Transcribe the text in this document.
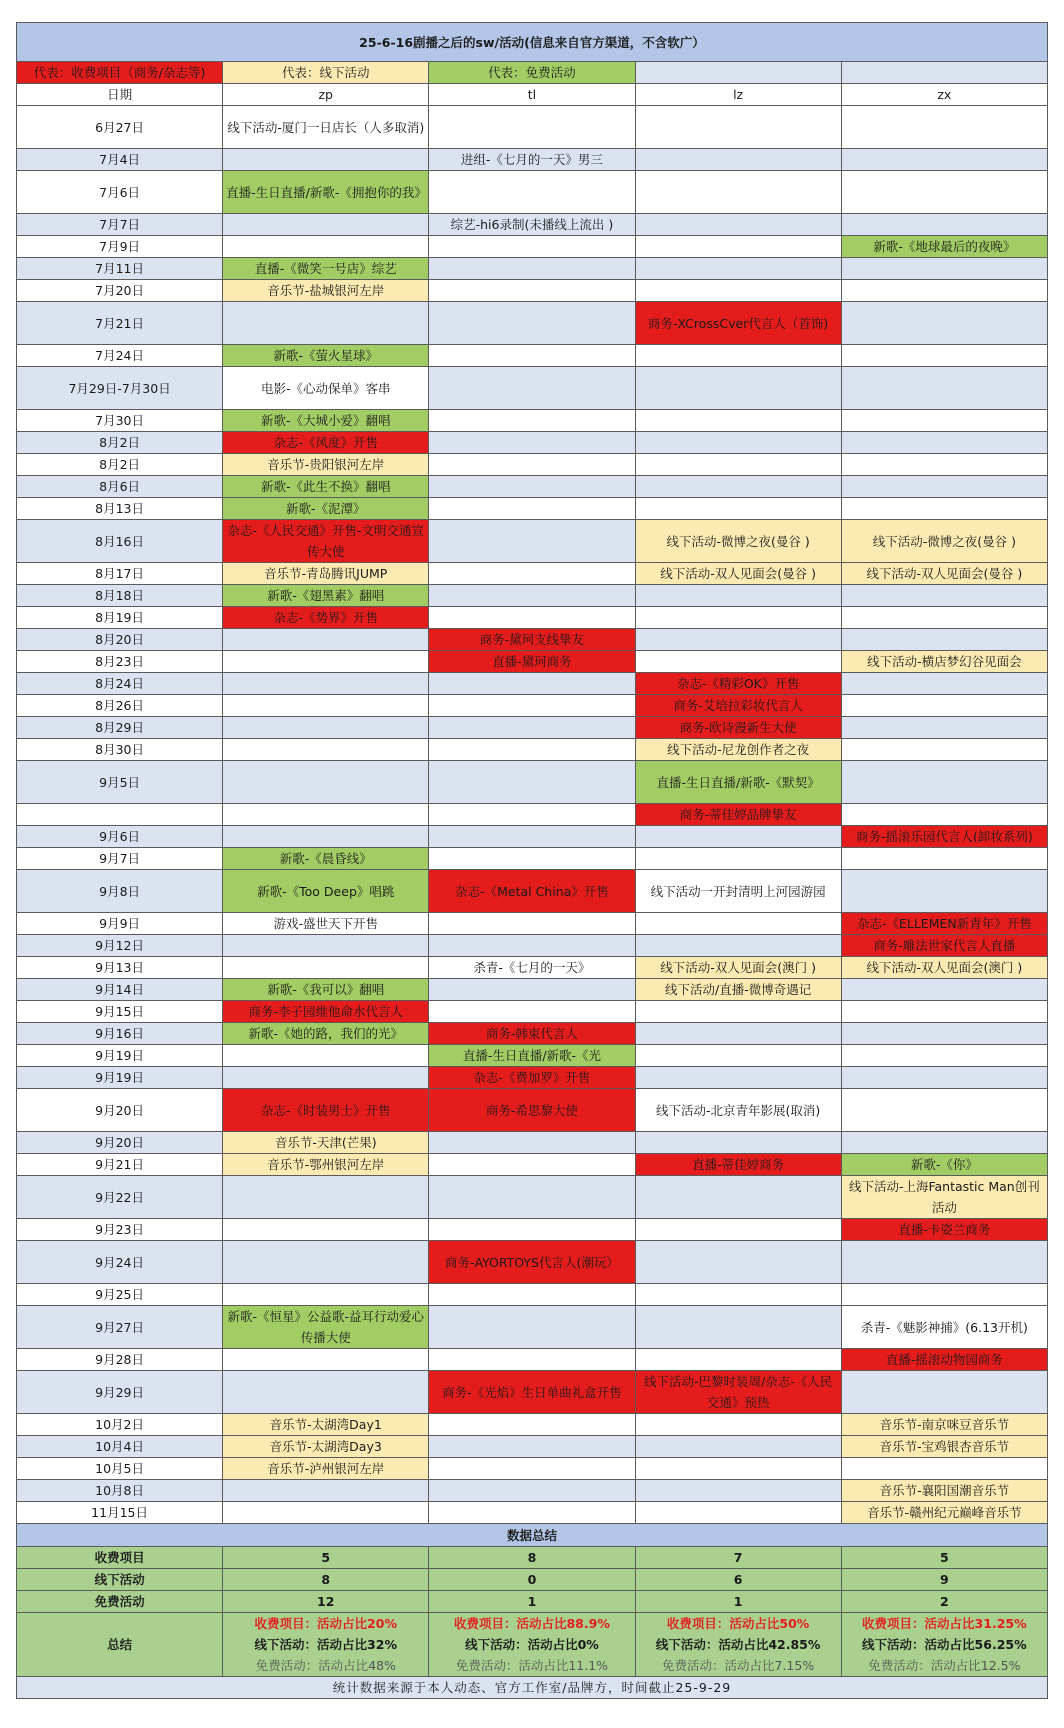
25-6-16剧播之后的sw/活动(信息来自官方渠道，不含软广）				
代表：收费项目（商务/杂志等)	代表：线下活动	代表：免费活动		
日期	zp	tl	lz	zx
6月27日	线下活动-厦门一日店长（人多取消)			
7月4日		进组-《七月的一天》男三		
7月6日	直播-生日直播/新歌-《拥抱你的我》			
7月7日		综艺-hi6录制(未播线上流出 )		
7月9日				新歌-《地球最后的夜晚》
7月11日	直播-《微笑一号店》综艺			
7月20日	音乐节-盐城银河左岸			
7月21日			商务-XCrossCver代言人（首饰)	
7月24日	新歌-《萤火星球》			
7月29日-7月30日	电影-《心动保单》客串			
7月30日	新歌-《大城小爱》翻唱			
8月2日	杂志-《风度》开售			
8月2日	音乐节-贵阳银河左岸			
8月6日	新歌-《此生不换》翻唱			
8月13日	新歌-《泥潭》			
8月16日	杂志-《人民交通》开售-文明交通宣传大使		线下活动-微博之夜(曼谷 )	线下活动-微博之夜(曼谷 )
8月17日	音乐节-青岛腾讯JUMP		线下活动-双人见面会(曼谷 )	线下活动-双人见面会(曼谷 )
8月18日	新歌-《翅黑素》翻唱			
8月19日	杂志-《势界》开售			
8月20日		商务-黛珂支线挚友		
8月23日		直播-黛珂商务		线下活动-横店梦幻谷见面会
8月24日			杂志-《精彩OK》开售	
8月26日			商务-艾培拉彩妆代言人	
8月29日			商务-欧诗漫新生大使	
8月30日			线下活动-尼龙创作者之夜	
9月5日			直播-生日直播/新歌-《默契》	
			商务-蒂佳婷品牌挚友	
9月6日				商务-摇滚乐园代言人(卸妆系列)
9月7日	新歌-《晨昏线》			
9月8日	新歌-《Too Deep》唱跳	杂志-《Metal China》开售	线下活动一开封清明上河园游园	
9月9日	游戏-盛世天下开售			杂志-《ELLEMEN新青年》开售
9月12日				商务-雕法世家代言人直播
9月13日		杀青-《七月的一天》	线下活动-双人见面会(澳门 )	线下活动-双人见面会(澳门 )
9月14日	新歌-《我可以》翻唱		线下活动/直播-微博奇遇记	
9月15日	商务-李子园维他命水代言人			
9月16日	新歌-《她的路，我们的光》	商务-韩束代言人		
9月19日		直播-生日直播/新歌-《光		
9月19日		杂志-《费加罗》开售		
9月20日	杂志-《时装男士》开售	商务-希思黎大使	线下活动-北京青年影展(取消)	
9月20日	音乐节-天津(芒果)			
9月21日	音乐节-鄂州银河左岸		直播-蒂佳婷商务	新歌-《你》
9月22日				线下活动-上海Fantastic Man创刊活动
9月23日				直播-卡姿兰商务
9月24日		商务-AYORTOYS代言人(潮玩）		
9月25日				
9月27日	新歌-《恒星》公益歌-益耳行动爱心传播大使			杀青-《魅影神捕》(6.13开机)
9月28日				直播-摇滚动物园商务
9月29日		商务-《光焰》生日单曲礼盒开售	线下活动-巴黎时装周/杂志-《人民交通》预热	
10月2日	音乐节-太湖湾Day1			音乐节-南京咪豆音乐节
10月4日	音乐节-太湖湾Day3			音乐节-宝鸡银杏音乐节
10月5日	音乐节-泸州银河左岸			
10月8日				音乐节-襄阳国潮音乐节
11月15日				音乐节-赣州纪元巅峰音乐节
数据总结				
收费项目	5	8	7	5
线下活动	8	0	6	9
免费活动	12	1	1	2
总结	收费项目：活动占比20%
线下活动：活动占比32%
免费活动：活动占比48%	收费项目：活动占比88.9%
线下活动：活动占比0%
免费活动：活动占比11.1%	收费项目：活动占比50%
线下活动：活动占比42.85%
免费活动：活动占比7.15%	收费项目：活动占比31.25%
线下活动：活动占比56.25%
免费活动：活动占比12.5%

统计数据来源于本人动态、官方工作室/品牌方，时间截止25-9-29				
